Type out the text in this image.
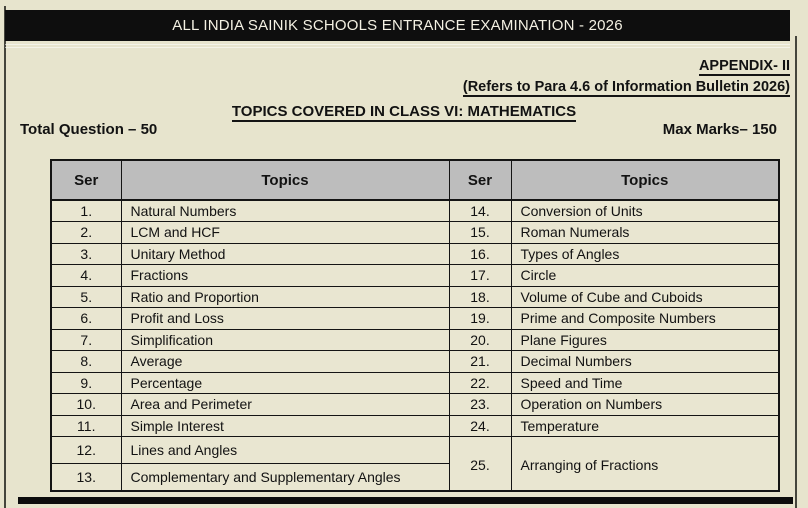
ALL INDIA SAINIK SCHOOLS ENTRANCE EXAMINATION - 2026
APPENDIX- II
(Refers to Para 4.6 of Information Bulletin 2026)
TOPICS COVERED IN CLASS VI: MATHEMATICS
Total Question – 50	Max Marks– 150
Ser	Topics	Ser	Topics
1.	Natural Numbers	14.	Conversion of Units
2.	LCM and HCF	15.	Roman Numerals
3.	Unitary Method	16.	Types of Angles
4.	Fractions	17.	Circle
5.	Ratio and Proportion	18.	Volume of Cube and Cuboids
6.	Profit and Loss	19.	Prime and Composite Numbers
7.	Simplification	20.	Plane Figures
8.	Average	21.	Decimal Numbers
9.	Percentage	22.	Speed and Time
10.	Area and Perimeter	23.	Operation on Numbers
11.	Simple Interest	24.	Temperature
12.	Lines and Angles	25.	Arranging of Fractions
13.	Complementary and Supplementary Angles		
